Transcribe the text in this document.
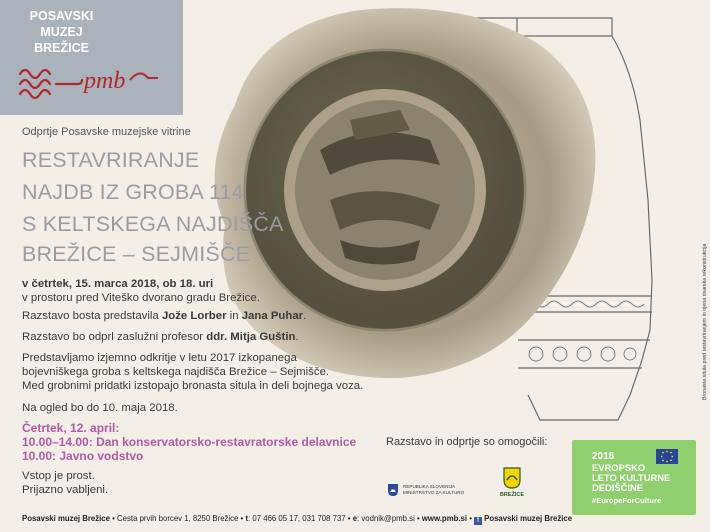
POSAVSKI
MUZEJ
BREŽICE
pmb
Odprtje Posavske muzejske vitrine
RESTAVRIRANJE
NAJDB IZ GROBA 114
S KELTSKEGA NAJDIŠČA
BREŽICE – SEJMIŠČE
v četrtek, 15. marca 2018, ob 18. uri
v prostoru pred Viteško dvorano gradu Brežice.
Razstavo bosta predstavila Jože Lorber in Jana Puhar.
Razstavo bo odprl zaslužni profesor ddr. Mitja Guštin.
Predstavljamo izjemno odkritje v letu 2017 izkopanega
bojevniškega groba s keltskega najdišča Brežice – Sejmišče.
Med grobnimi pridatki izstopajo bronasta situla in deli bojnega voza.
Na ogled bo do 10. maja 2018.
Četrtek, 12. april:
10.00–14.00: Dan konservatorsko-restavratorske delavnice
10.00: Javno vodstvo
Vstop je prost.
Prijazno vabljeni.
Razstavo in odprtje so omogočili:
REPUBLIKA SLOVENIJA
MINISTRSTVO ZA KULTURO	BREŽICE
2018
EVROPSKO
LETO KULTURNE
DEDIŠČINE
#EuropeForCulture
Posavski muzej Brežice • Cesta prvih borcev 1, 8250 Brežice • t: 07 466 05 17, 031 708 737 • e: vodnik@pmb.si • www.pmb.si • f Posavski muzej Brežice
Bronasta situla pred restavriranjem in njena risarska rekonstrukcija
